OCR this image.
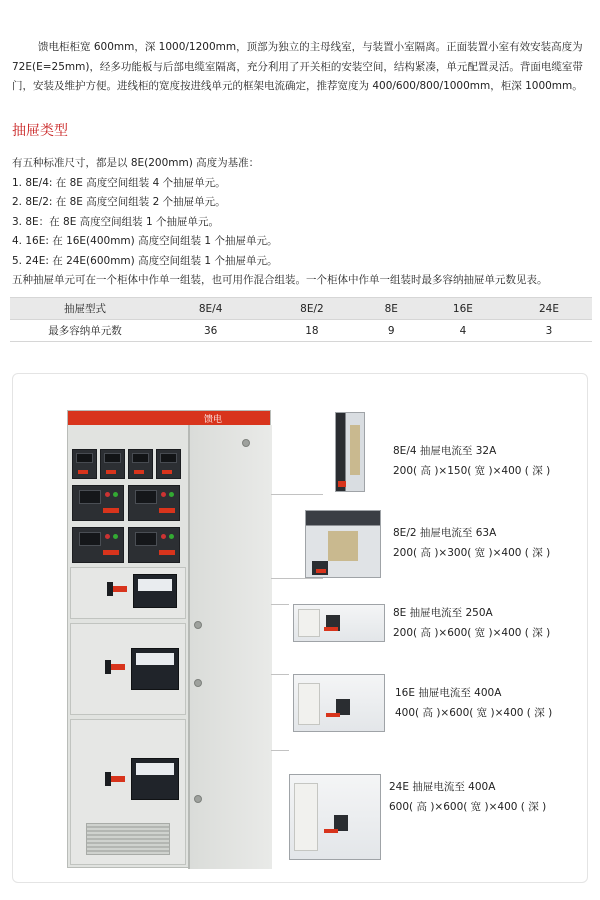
馈电柜柜宽 600mm，深 1000/1200mm，顶部为独立的主母线室，与装置小室隔离。正面装置小室有效安装高度为 72E(E=25mm)，经多功能板与后部电缆室隔离，充分利用了开关柜的安装空间，结构紧凑，单元配置灵活。背面电缆室带门，安装及维护方便。进线柜的宽度按进线单元的框架电流确定，推荐宽度为 400/600/800/1000mm，柜深 1000mm。

抽屉类型
有五种标准尺寸，都是以 8E(200mm) 高度为基准：
1. 8E/4: 在 8E 高度空间组装 4 个抽屉单元。
2. 8E/2: 在 8E 高度空间组装 2 个抽屉单元。
3. 8E：在 8E 高度空间组装 1 个抽屉单元。
4. 16E: 在 16E(400mm) 高度空间组装 1 个抽屉单元。
5. 24E: 在 24E(600mm) 高度空间组装 1 个抽屉单元。
五种抽屉单元可在一个柜体中作单一组装，也可用作混合组装。一个柜体中作单一组装时最多容纳抽屉单元数见表。
抽屉型式	8E/4	8E/2	8E	16E	24E
最多容纳单元数	36	18	9	4	3
馈电
8E/4 抽屉电流至 32A
200( 高 )×150( 宽 )×400 ( 深 )
8E/2 抽屉电流至 63A
200( 高 )×300( 宽 )×400 ( 深 )
8E 抽屉电流至 250A
200( 高 )×600( 宽 )×400 ( 深 )
16E 抽屉电流至 400A
400( 高 )×600( 宽 )×400 ( 深 )
24E 抽屉电流至 400A
600( 高 )×600( 宽 )×400 ( 深 )
